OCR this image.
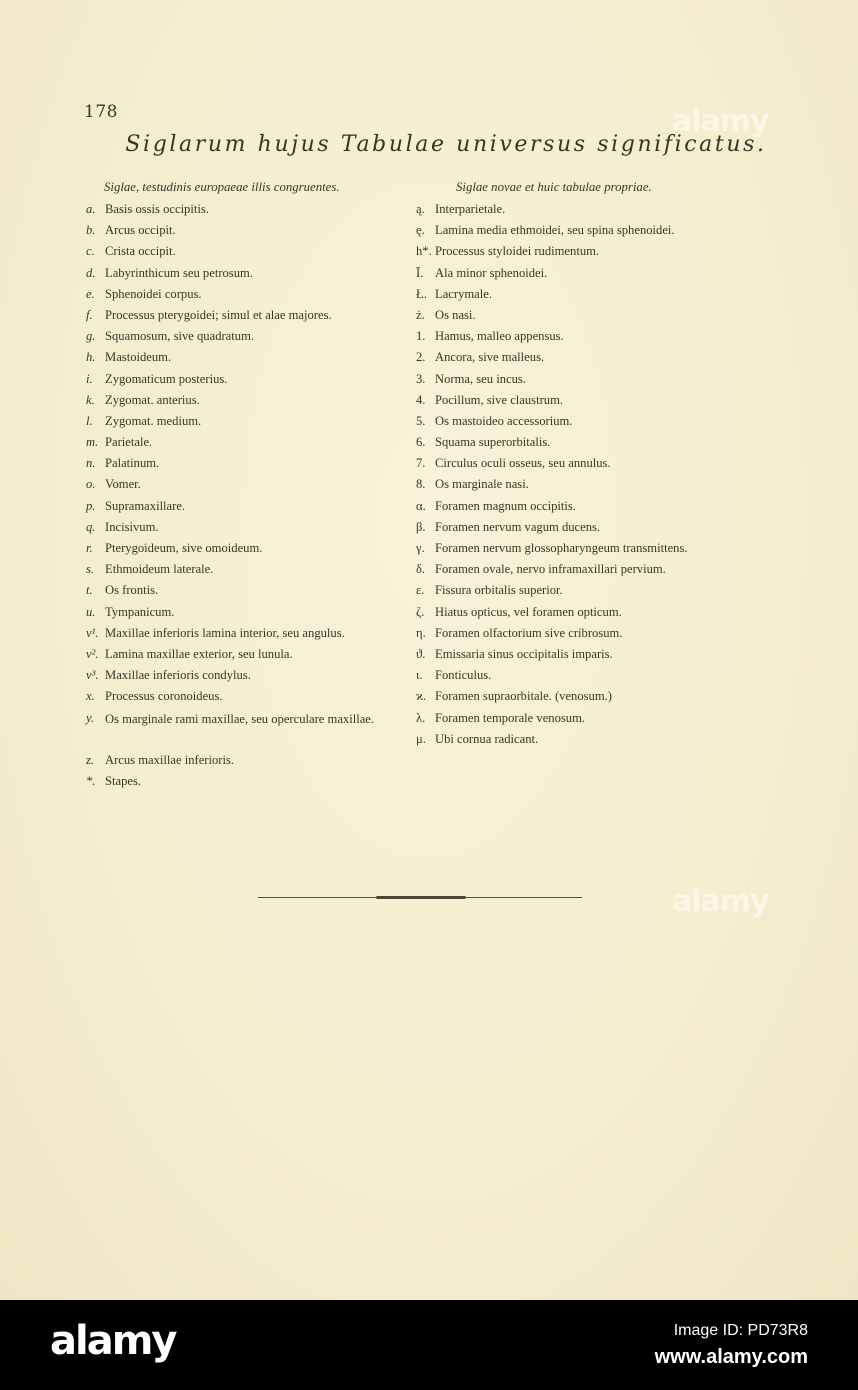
178
Siglarum hujus Tabulae universus significatus.
Siglae, testudinis europaeae illis congruentes.
a. Basis ossis occipitis.
b. Arcus occipit.
c. Crista occipit.
d. Labyrinthicum seu petrosum.
e. Sphenoidei corpus.
f. Processus pterygoidei; simul et alae majores.
g. Squamosum, sive quadratum.
h. Mastoideum.
i. Zygomaticum posterius.
k. Zygomat. anterius.
l. Zygomat. medium.
m. Parietale.
n. Palatinum.
o. Vomer.
p. Supramaxillare.
q. Incisivum.
r. Pterygoideum, sive omoideum.
s. Ethmoideum laterale.
t. Os frontis.
u. Tympanicum.
v¹. Maxillae inferioris lamina interior, seu angulus.
v². Lamina maxillae exterior, seu lunula.
v³. Maxillae inferioris condylus.
x. Processus coronoideus.
y. Os marginale rami maxillae, seu operculare maxillae.
z. Arcus maxillae inferioris.
*. Stapes.
Siglae novae et huic tabulae propriae.
ą. Interparietale.
ę. Lamina media ethmoidei, seu spina sphenoidei.
h*. Processus styloidei rudimentum.
Ī. Ala minor sphenoidei.
Ł. Lacrymale.
ż. Os nasi.
1. Hamus, malleo appensus.
2. Ancora, sive malleus.
3. Norma, seu incus.
4. Pocillum, sive claustrum.
5. Os mastoideo accessorium.
6. Squama superorbitalis.
7. Circulus oculi osseus, seu annulus.
8. Os marginale nasi.
α. Foramen magnum occipitis.
β. Foramen nervum vagum ducens.
γ. Foramen nervum glossopharyngeum transmittens.
δ. Foramen ovale, nervo inframaxillari pervium.
ε. Fissura orbitalis superior.
ζ. Hiatus opticus, vel foramen opticum.
η. Foramen olfactorium sive cribrosum.
ϑ. Emissaria sinus occipitalis imparis.
ι. Fonticulus.
ϰ. Foramen supraorbitale. (venosum.)
λ. Foramen temporale venosum.
μ. Ubi cornua radicant.
alamy
alamy
alamy	Image ID: PD73R8
www.alamy.com
